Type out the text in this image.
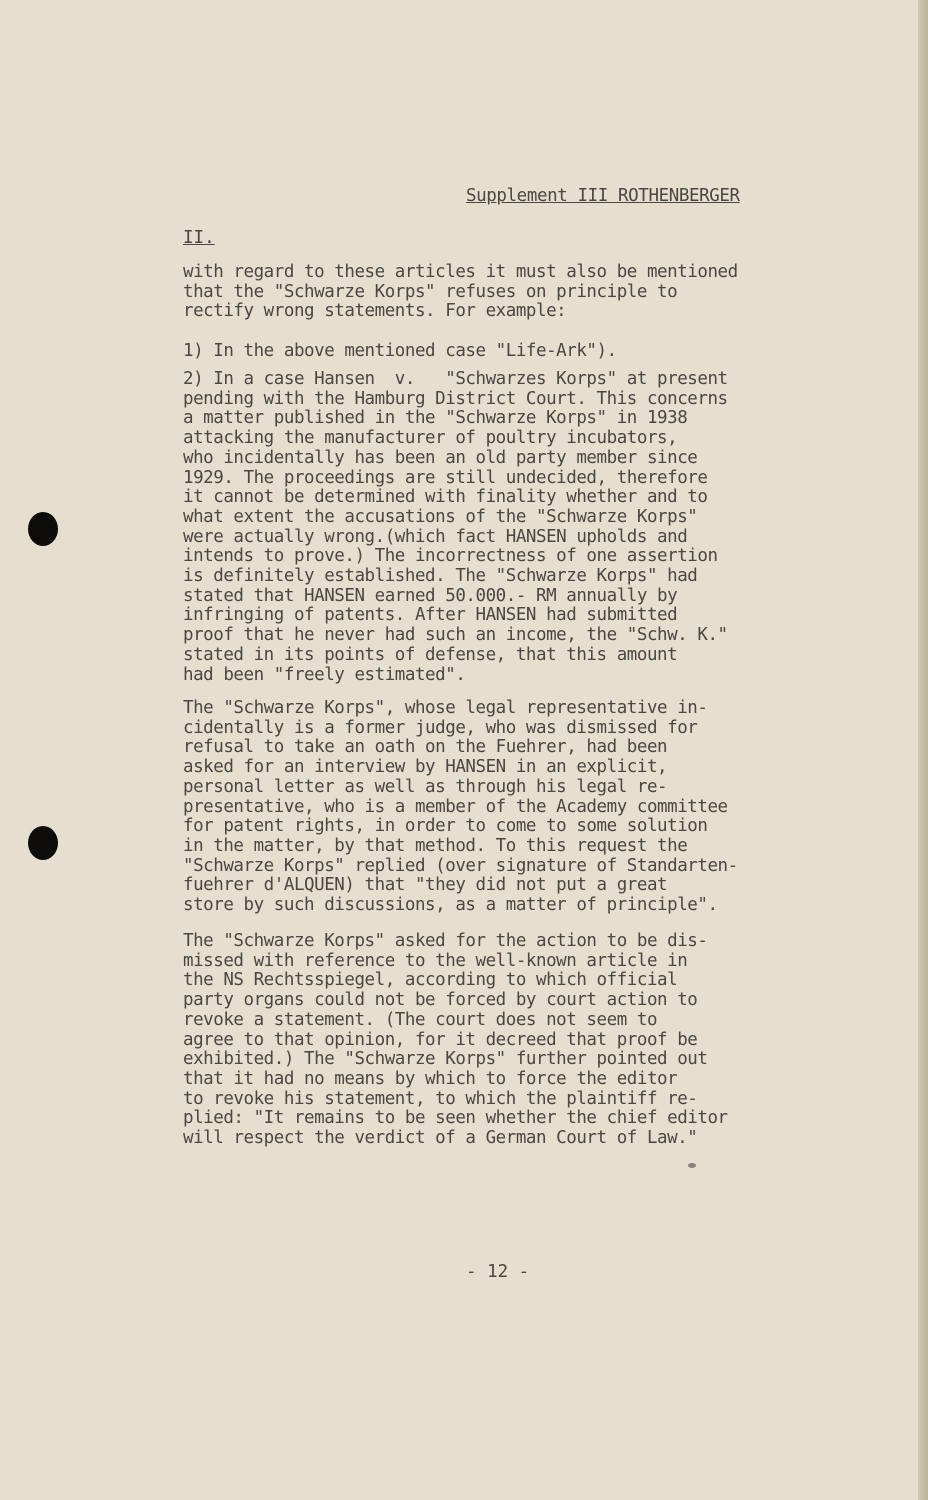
Supplement III ROTHENBERGER
II.
with regard to these articles it must also be mentioned
that the "Schwarze Korps" refuses on principle to
rectify wrong statements. For example:
1) In the above mentioned case "Life-Ark").
2) In a case Hansen  v.   "Schwarzes Korps" at present
pending with the Hamburg District Court. This concerns
a matter published in the "Schwarze Korps" in 1938
attacking the manufacturer of poultry incubators,
who incidentally has been an old party member since
1929. The proceedings are still undecided, therefore
it cannot be determined with finality whether and to
what extent the accusations of the "Schwarze Korps"
were actually wrong.(which fact HANSEN upholds and
intends to prove.) The incorrectness of one assertion
is definitely established. The "Schwarze Korps" had
stated that HANSEN earned 50.000.- RM annually by
infringing of patents. After HANSEN had submitted
proof that he never had such an income, the "Schw. K."
stated in its points of defense, that this amount
had been "freely estimated".
The "Schwarze Korps", whose legal representative in-
cidentally is a former judge, who was dismissed for
refusal to take an oath on the Fuehrer, had been
asked for an interview by HANSEN in an explicit,
personal letter as well as through his legal re-
presentative, who is a member of the Academy committee
for patent rights, in order to come to some solution
in the matter, by that method. To this request the
"Schwarze Korps" replied (over signature of Standarten-
fuehrer d'ALQUEN) that "they did not put a great
store by such discussions, as a matter of principle".
The "Schwarze Korps" asked for the action to be dis-
missed with reference to the well-known article in
the NS Rechtsspiegel, according to which official
party organs could not be forced by court action to
revoke a statement. (The court does not seem to
agree to that opinion, for it decreed that proof be
exhibited.) The "Schwarze Korps" further pointed out
that it had no means by which to force the editor
to revoke his statement, to which the plaintiff re-
plied: "It remains to be seen whether the chief editor
will respect the verdict of a German Court of Law."
- 12 -
